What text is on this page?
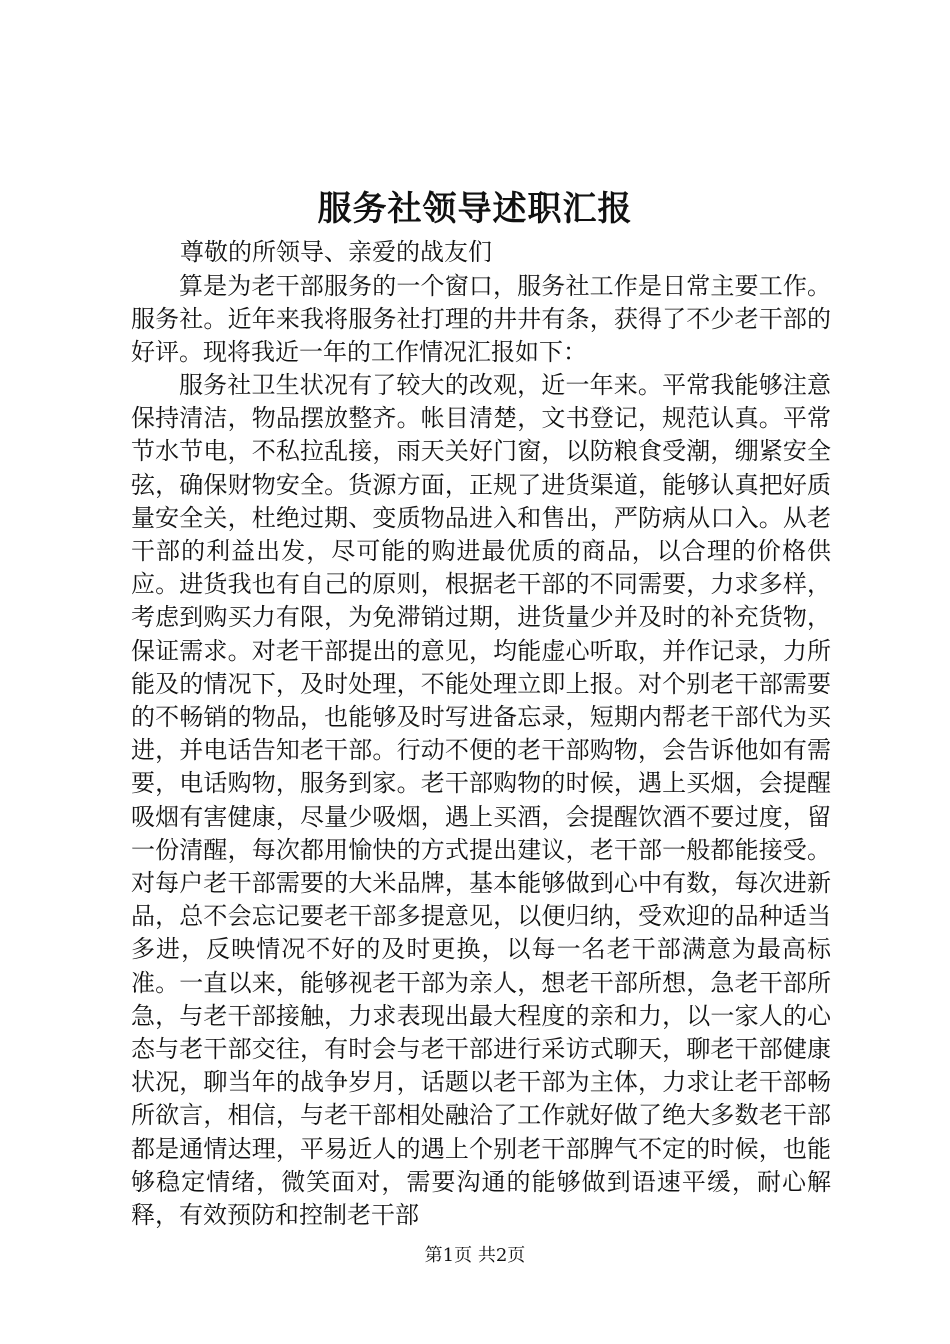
服务社领导述职汇报
尊敬的所领导、亲爱的战友们

算是为老干部服务的一个窗口，服务社工作是日常主要工作。服务社。近年来我将服务社打理的井井有条，获得了不少老干部的好评。现将我近一年的工作情况汇报如下：

服务社卫生状况有了较大的改观，近一年来。平常我能够注意保持清洁，物品摆放整齐。帐目清楚，文书登记，规范认真。平常节水节电，不私拉乱接，雨天关好门窗，以防粮食受潮，绷紧安全弦，确保财物安全。货源方面，正规了进货渠道，能够认真把好质量安全关，杜绝过期、变质物品进入和售出，严防病从口入。从老干部的利益出发，尽可能的购进最优质的商品，以合理的价格供应。进货我也有自己的原则，根据老干部的不同需要，力求多样，考虑到购买力有限，为免滞销过期，进货量少并及时的补充货物，保证需求。对老干部提出的意见，均能虚心听取，并作记录，力所能及的情况下，及时处理，不能处理立即上报。对个别老干部需要的不畅销的物品，也能够及时写进备忘录，短期内帮老干部代为买进，并电话告知老干部。行动不便的老干部购物，会告诉他如有需要，电话购物，服务到家。老干部购物的时候，遇上买烟，会提醒吸烟有害健康，尽量少吸烟，遇上买酒，会提醒饮酒不要过度，留一份清醒，每次都用愉快的方式提出建议，老干部一般都能接受。对每户老干部需要的大米品牌，基本能够做到心中有数，每次进新品，总不会忘记要老干部多提意见，以便归纳，受欢迎的品种适当多进，反映情况不好的及时更换，以每一名老干部满意为最高标准。一直以来，能够视老干部为亲人，想老干部所想，急老干部所急，与老干部接触，力求表现出最大程度的亲和力，以一家人的心态与老干部交往，有时会与老干部进行采访式聊天，聊老干部健康状况，聊当年的战争岁月，话题以老干部为主体，力求让老干部畅所欲言，相信，与老干部相处融洽了工作就好做了绝大多数老干部都是通情达理，平易近人的遇上个别老干部脾气不定的时候，也能够稳定情绪，微笑面对，需要沟通的能够做到语速平缓，耐心解释，有效预防和控制老干部

第1页 共2页
